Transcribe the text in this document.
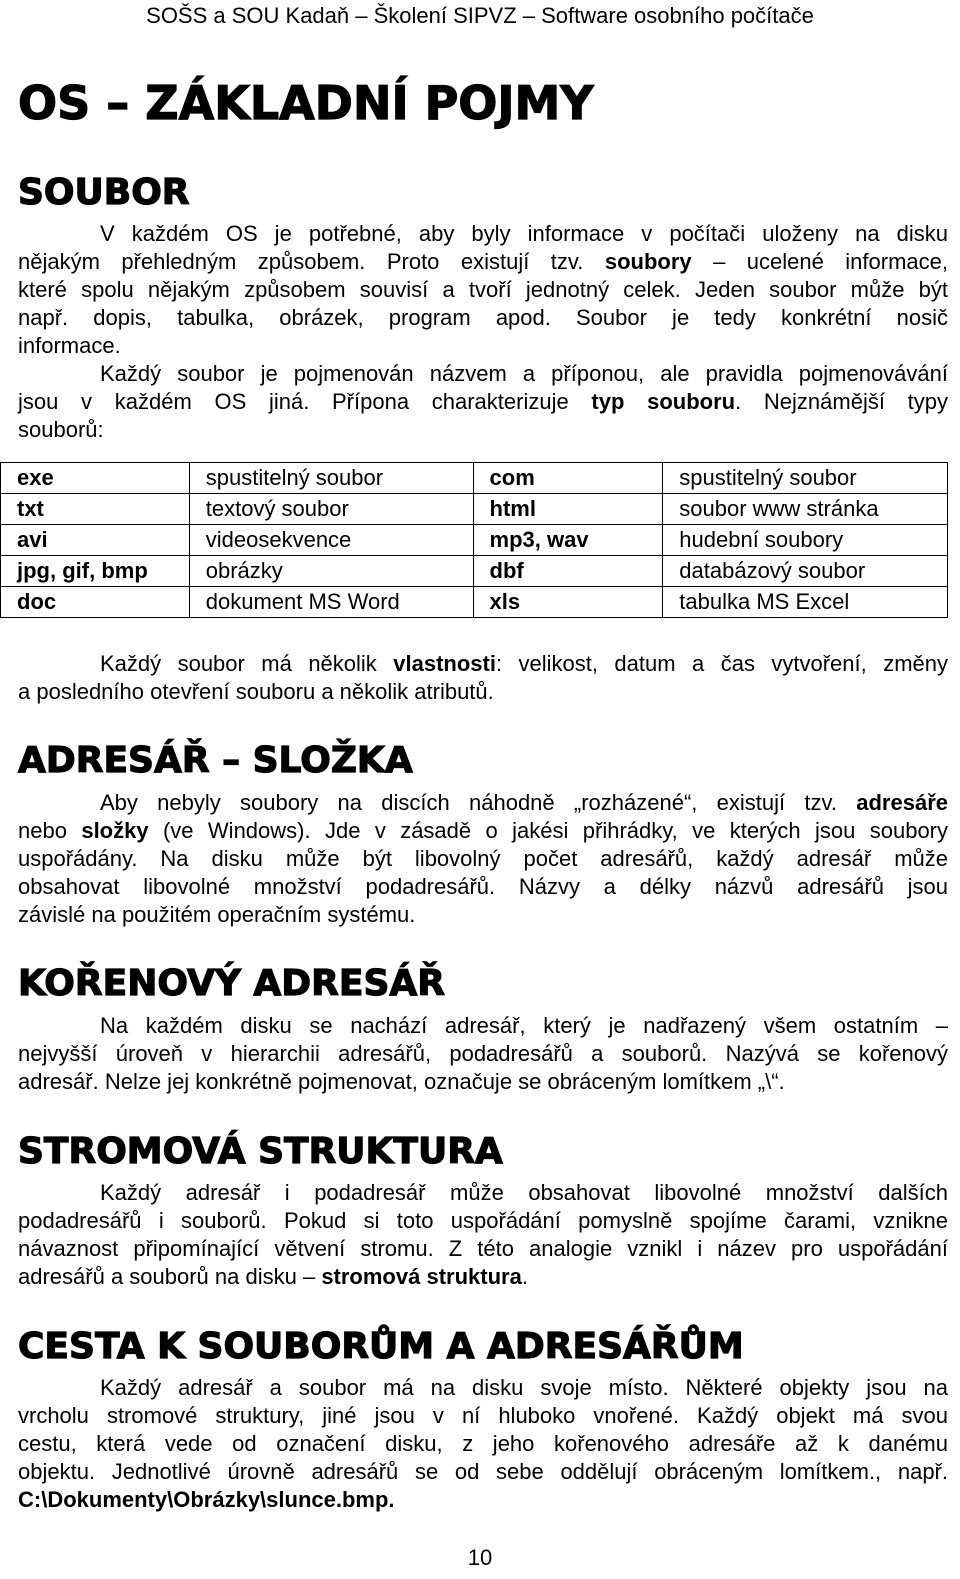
SOŠS a SOU Kadaň – Školení SIPVZ – Software osobního počítače
OS – ZÁKLADNÍ POJMY
SOUBOR
V každém OS je potřebné, aby byly informace v počítači uloženy na disku
nějakým přehledným způsobem. Proto existují tzv. soubory – ucelené informace,
které spolu nějakým způsobem souvisí a tvoří jednotný celek. Jeden soubor může být
např. dopis, tabulka, obrázek, program apod. Soubor je tedy konkrétní nosič
informace.
Každý soubor je pojmenován názvem a příponou, ale pravidla pojmenovávání
jsou v každém OS jiná. Přípona charakterizuje typ souboru. Nejznámější typy
souborů:
exe	spustitelný soubor	com	spustitelný soubor
txt	textový soubor	html	soubor www stránka
avi	videosekvence	mp3, wav	hudební soubory
jpg, gif, bmp	obrázky	dbf	databázový soubor
doc	dokument MS Word	xls	tabulka MS Excel
Každý soubor má několik vlastnosti: velikost, datum a čas vytvoření, změny
a posledního otevření souboru a několik atributů.
ADRESÁŘ – SLOŽKA
Aby nebyly soubory na discích náhodně „rozházené“, existují tzv. adresáře
nebo složky (ve Windows). Jde v zásadě o jakési přihrádky, ve kterých jsou soubory
uspořádány. Na disku může být libovolný počet adresářů, každý adresář může
obsahovat libovolné množství podadresářů. Názvy a délky názvů adresářů jsou
závislé na použitém operačním systému.
KOŘENOVÝ ADRESÁŘ
Na každém disku se nachází adresář, který je nadřazený všem ostatním –
nejvyšší úroveň v hierarchii adresářů, podadresářů a souborů. Nazývá se kořenový
adresář. Nelze jej konkrétně pojmenovat, označuje se obráceným lomítkem „\“.
STROMOVÁ STRUKTURA
Každý adresář i podadresář může obsahovat libovolné množství dalších
podadresářů i souborů. Pokud si toto uspořádání pomyslně spojíme čarami, vznikne
návaznost připomínající větvení stromu. Z této analogie vznikl i název pro uspořádání
adresářů a souborů na disku – stromová struktura.
CESTA K SOUBORŮM A ADRESÁŘŮM
Každý adresář a soubor má na disku svoje místo. Některé objekty jsou na
vrcholu stromové struktury, jiné jsou v ní hluboko vnořené. Každý objekt má svou
cestu, která vede od označení disku, z jeho kořenového adresáře až k danému
objektu. Jednotlivé úrovně adresářů se od sebe oddělují obráceným lomítkem., např.
C:\Dokumenty\Obrázky\slunce.bmp.
10
